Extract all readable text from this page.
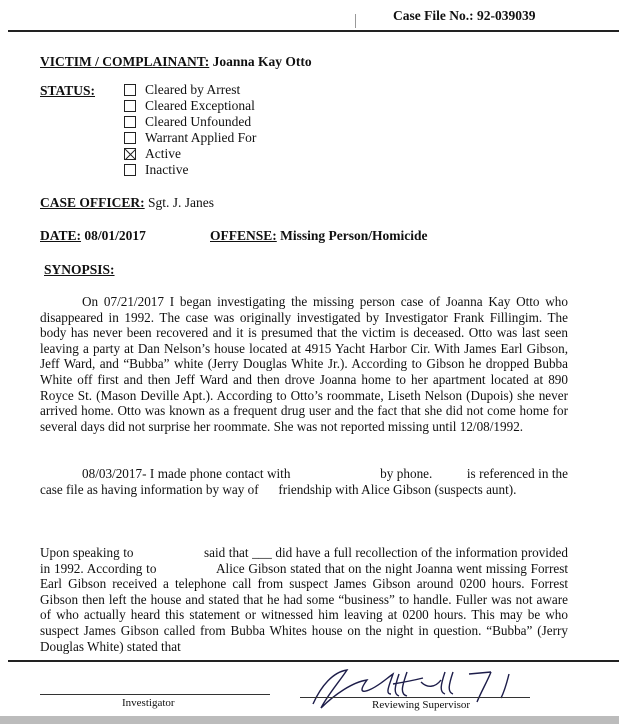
Case File No.: 92-039039
VICTIM / COMPLAINANT: Joanna Kay Otto
STATUS:	Cleared by Arrest
Cleared Exceptional
Cleared Unfounded
Warrant Applied For
Active
Inactive
CASE OFFICER: Sgt. J. Janes
DATE: 08/01/2017	OFFENSE: Missing Person/Homicide
SYNOPSIS:

On 07/21/2017 I began investigating the missing person case of Joanna Kay Otto who disappeared in 1992. The case was originally investigated by Investigator Frank Fillingim. The body has never been recovered and it is presumed that the victim is deceased. Otto was last seen leaving a party at Dan Nelson’s house located at 4915 Yacht Harbor Cir. With James Earl Gibson, Jeff Ward, and “Bubba” white (Jerry Douglas White Jr.). According to Gibson he dropped Bubba White off first and then Jeff Ward and then drove Joanna home to her apartment located at 890 Royce St. (Mason Deville Apt.). According to Otto’s roommate, Liseth Nelson (Dupois) she never arrived home. Otto was known as a frequent drug user and the fact that she did not come home for several days did not surprise her roommate. She was not reported missing until 12/08/1992.

08/03/2017- I made phone contact with                          by phone.          is referenced in the case file as having information by way of      friendship with Alice Gibson (suspects aunt).

Upon speaking to                    said that ___ did have a full recollection of the information provided in 1992. According to                Alice Gibson stated that on the night Joanna went missing Forrest Earl Gibson received a telephone call from suspect James Gibson around 0200 hours. Forrest Gibson then left the house and stated that he had some “business” to handle. Fuller was not aware of who actually heard this statement or witnessed him leaving at 0200 hours. This may be who suspect James Gibson called from Bubba Whites house on the night in question. “Bubba” (Jerry Douglas White) stated that

Investigator	Reviewing Supervisor
